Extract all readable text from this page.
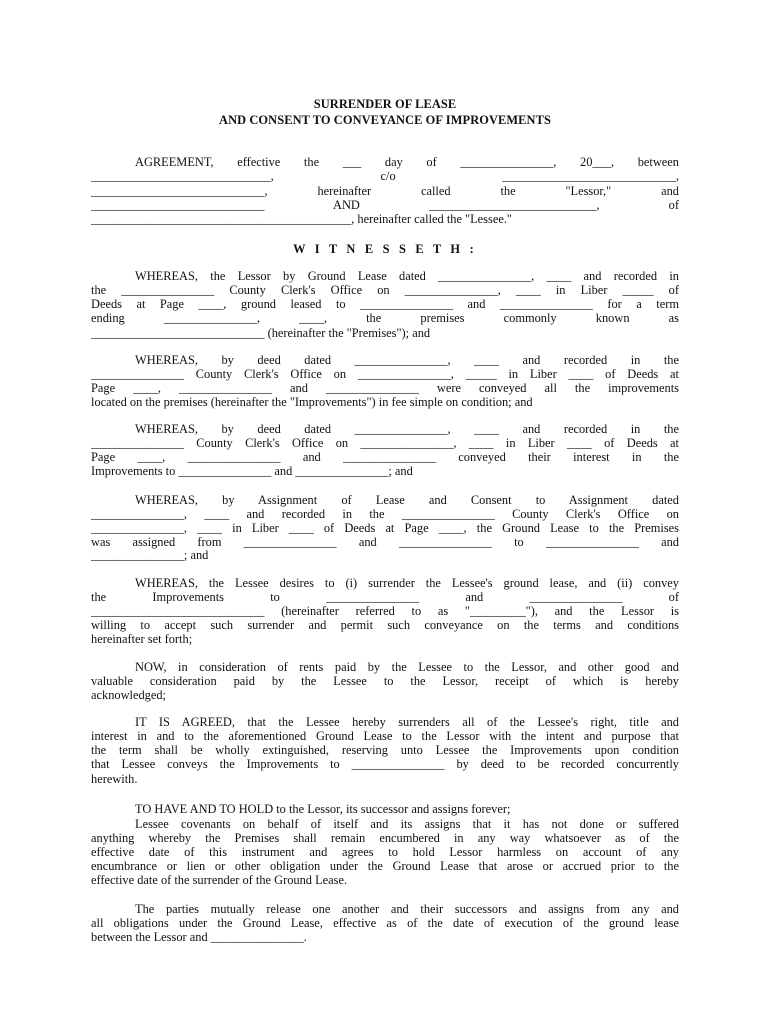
SURRENDER OF LEASE
AND CONSENT TO CONVEYANCE OF IMPROVEMENTS
AGREEMENT, effective the ___ day of _______________, 20___, between
_____________________________, c/o ____________________________,
____________________________, hereinafter called the "Lessor," and
____________________________ AND ___________________________, of
__________________________________________, hereinafter called the "Lessee."
W I T N E S S E T H :
WHEREAS, the Lessor by Ground Lease dated _______________, ____ and recorded in
the _______________ County Clerk's Office on _______________, ____ in Liber _____ of
Deeds at Page ____, ground leased to _______________ and _______________ for a term
ending _______________, ____, the premises commonly known as
____________________________ (hereinafter the "Premises"); and
WHEREAS, by deed dated _______________, ____ and recorded in the
_______________ County Clerk's Office on _______________, _____ in Liber ____ of Deeds at
Page ____, _______________ and _______________ were conveyed all the improvements
located on the premises (hereinafter the "Improvements") in fee simple on condition; and
WHEREAS, by deed dated _______________, ____ and recorded in the
_______________ County Clerk's Office on _______________, ____ in Liber ____ of Deeds at
Page ____, _______________ and _______________ conveyed their interest in the
Improvements to _______________ and _______________; and
WHEREAS, by Assignment of Lease and Consent to Assignment dated
_______________, ____ and recorded in the _______________ County Clerk's Office on
_______________, ____ in Liber ____ of Deeds at Page ____, the Ground Lease to the Premises
was assigned from _______________ and _______________ to _______________ and
_______________; and
WHEREAS, the Lessee desires to (i) surrender the Lessee's ground lease, and (ii) convey
the Improvements to _______________ and _______________ of
____________________________ (hereinafter referred to as "_________"), and the Lessor is
willing to accept such surrender and permit such conveyance on the terms and conditions
hereinafter set forth;
NOW, in consideration of rents paid by the Lessee to the Lessor, and other good and
valuable consideration paid by the Lessee to the Lessor, receipt of which is hereby
acknowledged;
IT IS AGREED, that the Lessee hereby surrenders all of the Lessee's right, title and
interest in and to the aforementioned Ground Lease to the Lessor with the intent and purpose that
the term shall be wholly extinguished, reserving unto Lessee the Improvements upon condition
that Lessee conveys the Improvements to _______________ by deed to be recorded concurrently
herewith.
TO HAVE AND TO HOLD to the Lessor, its successor and assigns forever;
Lessee covenants on behalf of itself and its assigns that it has not done or suffered
anything whereby the Premises shall remain encumbered in any way whatsoever as of the
effective date of this instrument and agrees to hold Lessor harmless on account of any
encumbrance or lien or other obligation under the Ground Lease that arose or accrued prior to the
effective date of the surrender of the Ground Lease.
The parties mutually release one another and their successors and assigns from any and
all obligations under the Ground Lease, effective as of the date of execution of the ground lease
between the Lessor and _______________.
